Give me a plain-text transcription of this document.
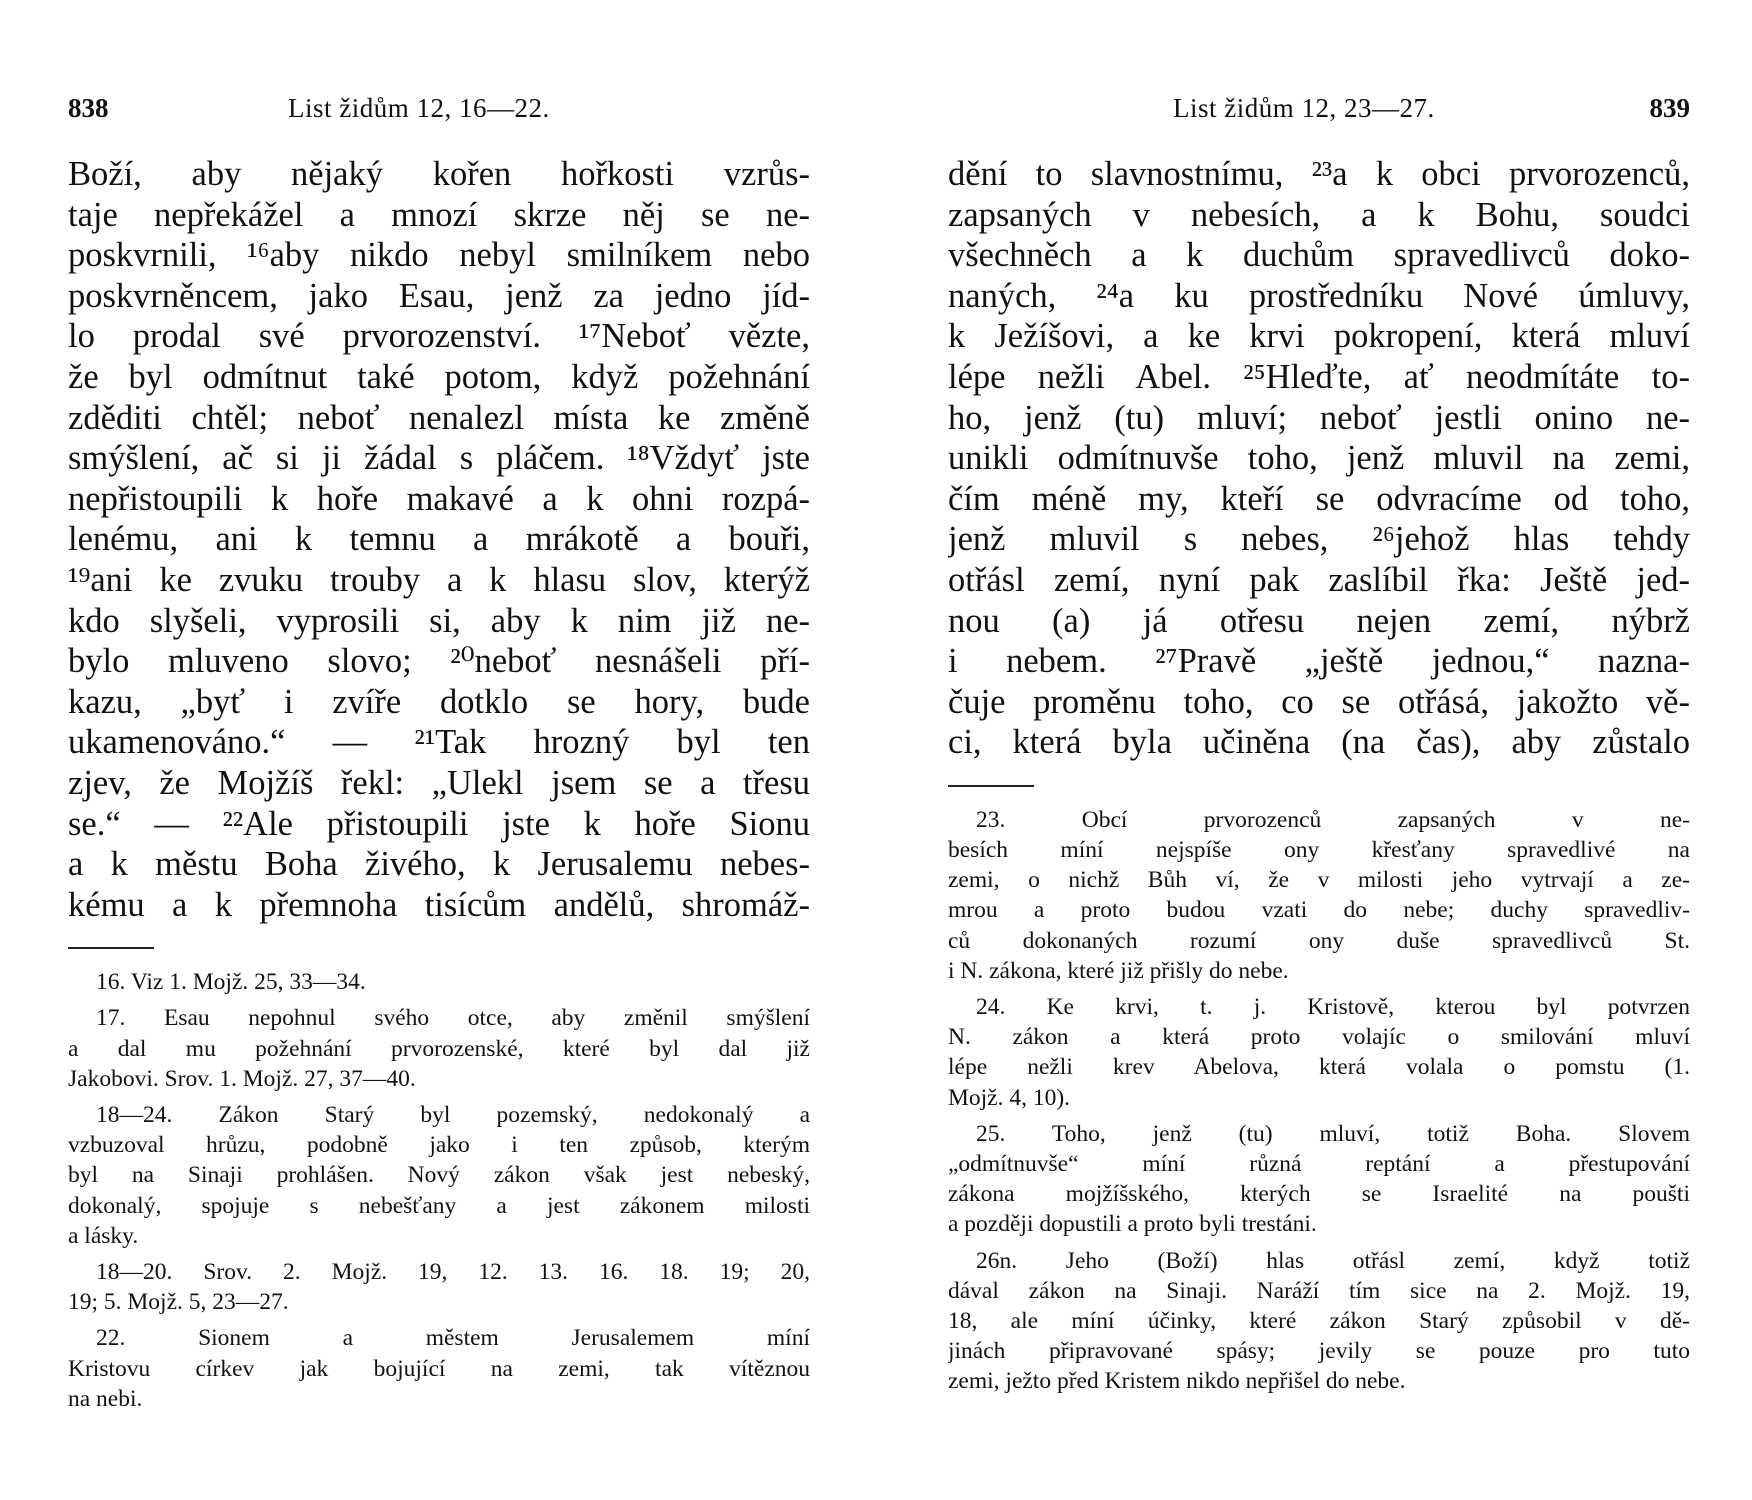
838	List židům 12, 16—22.
Boží, aby nějaký kořen hořkosti vzrůs-
taje nepřekážel a mnozí skrze něj se ne-
poskvrnili, ¹⁶aby nikdo nebyl smilníkem nebo
poskvrněncem, jako Esau, jenž za jedno jíd-
lo prodal své prvorozenství. ¹⁷Neboť vězte,
že byl odmítnut také potom, když požehnání
zděditi chtěl; neboť nenalezl místa ke změně
smýšlení, ač si ji žádal s pláčem. ¹⁸Vždyť jste
nepřistoupili k hoře makavé a k ohni rozpá-
lenému, ani k temnu a mrákotě a bouři,
¹⁹ani ke zvuku trouby a k hlasu slov, kterýž
kdo slyšeli, vyprosili si, aby k nim již ne-
bylo mluveno slovo; ²⁰neboť nesnášeli pří-
kazu, „byť i zvíře dotklo se hory, bude
ukamenováno.“ — ²¹Tak hrozný byl ten
zjev, že Mojžíš řekl: „Ulekl jsem se a třesu
se.“ — ²²Ale přistoupili jste k hoře Sionu
a k městu Boha živého, k Jerusalemu nebes-
kému a k přemnoha tisícům andělů, shromáž-
16. Viz 1. Mojž. 25, 33—34.
17. Esau nepohnul svého otce, aby změnil smýšlení
a dal mu požehnání prvorozenské, které byl dal již
Jakobovi. Srov. 1. Mojž. 27, 37—40.
18—24. Zákon Starý byl pozemský, nedokonalý a
vzbuzoval hrůzu, podobně jako i ten způsob, kterým
byl na Sinaji prohlášen. Nový zákon však jest nebeský,
dokonalý, spojuje s nebešťany a jest zákonem milosti
a lásky.
18—20. Srov. 2. Mojž. 19, 12. 13. 16. 18. 19; 20,
19; 5. Mojž. 5, 23—27.
22. Sionem a městem Jerusalemem míní
Kristovu církev jak bojující na zemi, tak vítěznou
na nebi.
List židům 12, 23—27.	839
dění to slavnostnímu, ²³a k obci prvorozenců,
zapsaných v nebesích, a k Bohu, soudci
všechněch a k duchům spravedlivců doko-
naných, ²⁴a ku prostředníku Nové úmluvy,
k Ježíšovi, a ke krvi pokropení, která mluví
lépe nežli Abel. ²⁵Hleďte, ať neodmítáte to-
ho, jenž (tu) mluví; neboť jestli onino ne-
unikli odmítnuvše toho, jenž mluvil na zemi,
čím méně my, kteří se odvracíme od toho,
jenž mluvil s nebes, ²⁶jehož hlas tehdy
otřásl zemí, nyní pak zaslíbil řka: Ještě jed-
nou (a) já otřesu nejen zemí, nýbrž
i nebem. ²⁷Pravě „ještě jednou,“ nazna-
čuje proměnu toho, co se otřásá, jakožto vě-
ci, která byla učiněna (na čas), aby zůstalo
23. Obcí prvorozenců zapsaných v ne-
besích míní nejspíše ony křesťany spravedlivé na
zemi, o nichž Bůh ví, že v milosti jeho vytrvají a ze-
mrou a proto budou vzati do nebe; duchy spravedliv-
ců dokonaných rozumí ony duše spravedlivců St.
i N. zákona, které již přišly do nebe.
24. Ke krvi, t. j. Kristově, kterou byl potvrzen
N. zákon a která proto volajíc o smilování mluví
lépe nežli krev Abelova, která volala o pomstu (1.
Mojž. 4, 10).
25. Toho, jenž (tu) mluví, totiž Boha. Slovem
„odmítnuvše“ míní různá reptání a přestupování
zákona mojžíšského, kterých se Israelité na poušti
a později dopustili a proto byli trestáni.
26n. Jeho (Boží) hlas otřásl zemí, když totiž
dával zákon na Sinaji. Naráží tím sice na 2. Mojž. 19,
18, ale míní účinky, které zákon Starý způsobil v dě-
jinách připravované spásy; jevily se pouze pro tuto
zemi, ježto před Kristem nikdo nepřišel do nebe.
